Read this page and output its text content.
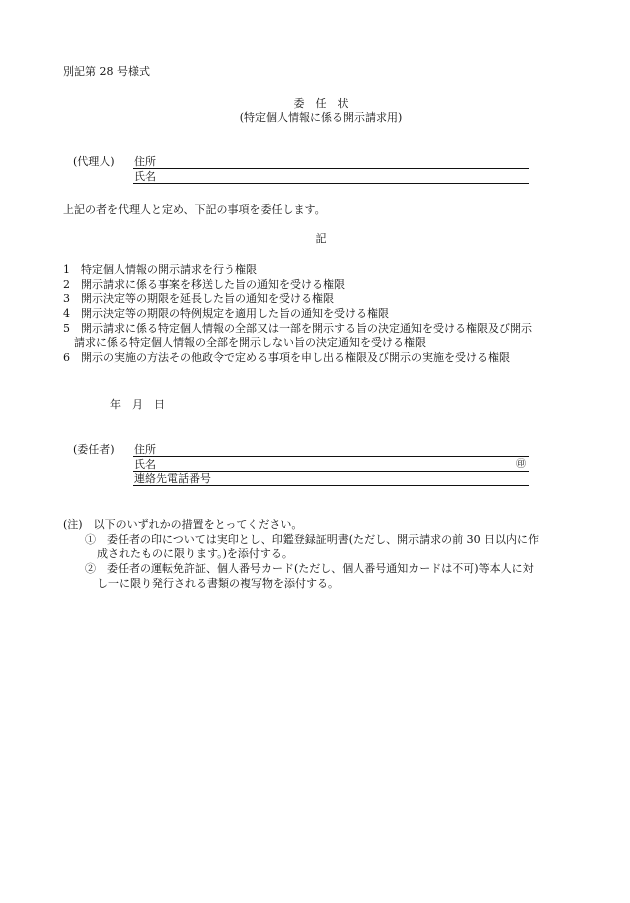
別記第 28 号様式
委　任　状
(特定個人情報に係る開示請求用)
(代理人) 住所
氏名
上記の者を代理人と定め、下記の事項を委任します。
記
1　特定個人情報の開示請求を行う権限
2　開示請求に係る事案を移送した旨の通知を受ける権限
3　開示決定等の期限を延長した旨の通知を受ける権限
4　開示決定等の期限の特例規定を適用した旨の通知を受ける権限
5　開示請求に係る特定個人情報の全部又は一部を開示する旨の決定通知を受ける権限及び開示
　請求に係る特定個人情報の全部を開示しない旨の決定通知を受ける権限
6　開示の実施の方法その他政令で定める事項を申し出る権限及び開示の実施を受ける権限
年　月　日
(委任者) 住所
氏名	㊞
連絡先電話番号
(注)　以下のいずれかの措置をとってください。
①　委任者の印については実印とし、印鑑登録証明書(ただし、開示請求の前 30 日以内に作
成されたものに限ります。)を添付する。
②　委任者の運転免許証、個人番号カード(ただし、個人番号通知カードは不可)等本人に対
し一に限り発行される書類の複写物を添付する。
